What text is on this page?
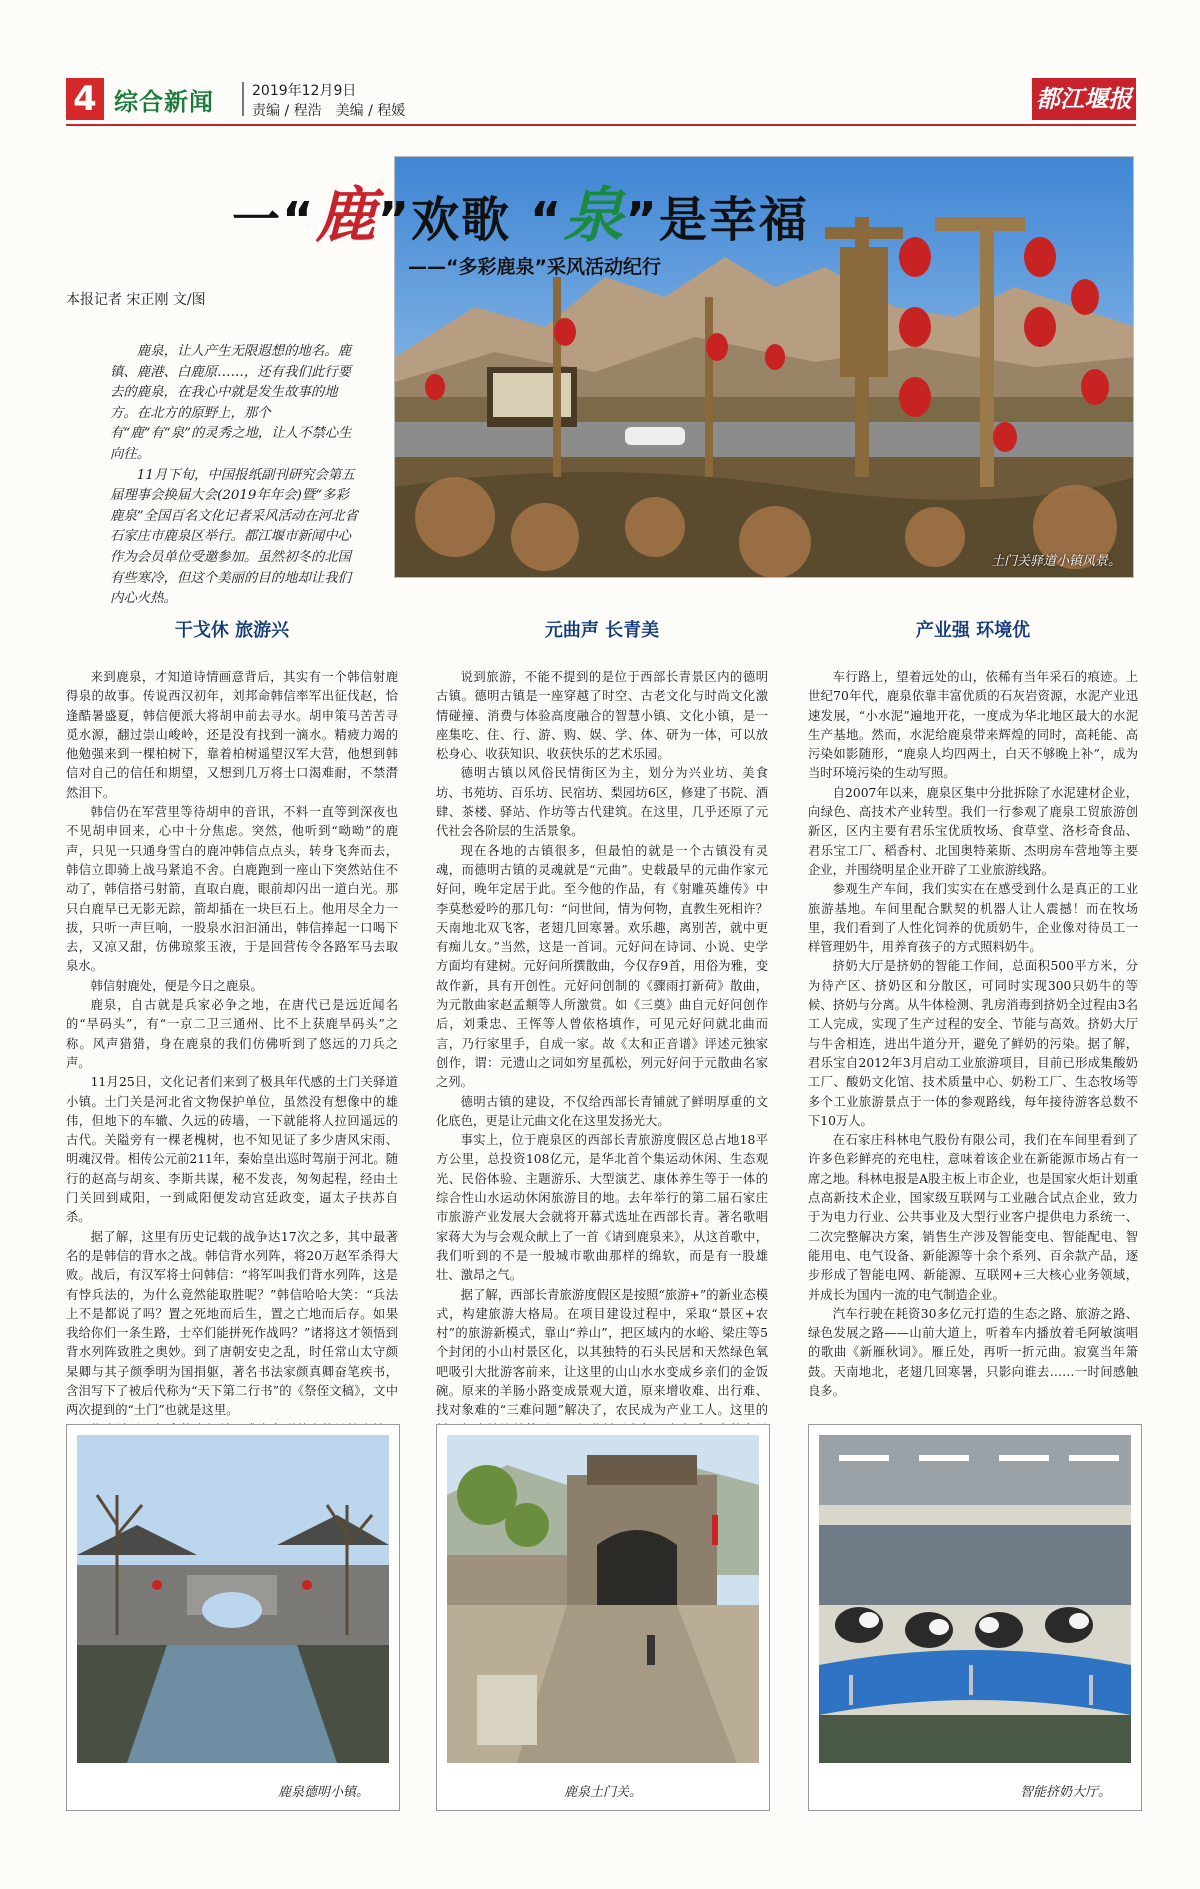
4 综合新闻	2019年12月9日
责编 / 程浩　美编 / 程媛	都江堰报
土门关驿道小镇风景。
一“鹿”欢歌 “泉”是幸福
——“多彩鹿泉”采风活动纪行
本报记者 宋正刚 文/图

鹿泉，让人产生无限遐想的地名。鹿镇、鹿港、白鹿原……，还有我们此行要去的鹿泉，在我心中就是发生故事的地方。在北方的原野上，那个有“鹿”有“泉”的灵秀之地，让人不禁心生向往。

11月下旬，中国报纸副刊研究会第五届理事会换届大会(2019年年会)暨“多彩鹿泉”全国百名文化记者采风活动在河北省石家庄市鹿泉区举行。都江堰市新闻中心作为会员单位受邀参加。虽然初冬的北国有些寒冷，但这个美丽的目的地却让我们内心火热。

干戈休 旅游兴

来到鹿泉，才知道诗情画意背后，其实有一个韩信射鹿得泉的故事。传说西汉初年，刘邦命韩信率军出征伐赵，恰逢酷暑盛夏，韩信便派大将胡申前去寻水。胡申策马苦苦寻觅水源，翻过崇山峻岭，还是没有找到一滴水。精疲力竭的他勉强来到一棵柏树下，靠着柏树遥望汉军大营，他想到韩信对自己的信任和期望，又想到几万将士口渴难耐，不禁潸然泪下。

韩信仍在军营里等待胡申的音讯，不料一直等到深夜也不见胡申回来，心中十分焦虑。突然，他听到“呦呦”的鹿声，只见一只通身雪白的鹿冲韩信点点头，转身飞奔而去，韩信立即骑上战马紧追不舍。白鹿跑到一座山下突然站住不动了，韩信搭弓射箭，直取白鹿，眼前却闪出一道白光。那只白鹿早已无影无踪，箭却插在一块巨石上。他用尽全力一拔，只听一声巨响，一股泉水汩汩涌出，韩信捧起一口喝下去，又凉又甜，仿佛琼浆玉液，于是回营传令各路军马去取泉水。

韩信射鹿处，便是今日之鹿泉。

鹿泉，自古就是兵家必争之地，在唐代已是远近闻名的“旱码头”，有“一京二卫三通州、比不上获鹿旱码头”之称。风声猎猎，身在鹿泉的我们仿佛听到了悠远的刀兵之声。

11月25日，文化记者们来到了极具年代感的土门关驿道小镇。土门关是河北省文物保护单位，虽然没有想像中的雄伟，但地下的车辙、久远的砖墙，一下就能将人拉回遥远的古代。关隘旁有一棵老槐树，也不知见证了多少唐风宋雨、明魂汉骨。相传公元前211年，秦始皇出巡时驾崩于河北。随行的赵高与胡亥、李斯共谋，秘不发丧，匆匆起程，经由土门关回到咸阳，一到咸阳便发动宫廷政变，逼太子扶苏自杀。

据了解，这里有历史记载的战争达17次之多，其中最著名的是韩信的背水之战。韩信背水列阵，将20万赵军杀得大败。战后，有汉军将士问韩信：“将军叫我们背水列阵，这是有悖兵法的，为什么竟然能取胜呢？”韩信哈哈大笑：“兵法上不是都说了吗？置之死地而后生，置之亡地而后存。如果我给你们一条生路，士卒们能拼死作战吗？”诸将这才领悟到背水列阵致胜之奥妙。到了唐朝安史之乱，时任常山太守颜杲卿与其子颜季明为国捐躯，著名书法家颜真卿奋笔疾书，含泪写下了被后代称为“天下第二行书”的《祭侄文稿》，文中两次提到的“土门”也就是这里。

元曲声 长青美

说到旅游，不能不提到的是位于西部长青景区内的德明古镇。德明古镇是一座穿越了时空、古老文化与时尚文化激情碰撞、消费与体验高度融合的智慧小镇、文化小镇，是一座集吃、住、行、游、购、娱、学、体、研为一体，可以放松身心、收获知识、收获快乐的艺术乐园。

德明古镇以风俗民情街区为主，划分为兴业坊、美食坊、书苑坊、百乐坊、民宿坊、梨园坊6区，修建了书院、酒肆、茶楼、驿站、作坊等古代建筑。在这里，几乎还原了元代社会各阶层的生活景象。

现在各地的古镇很多，但最怕的就是一个古镇没有灵魂，而德明古镇的灵魂就是“元曲”。史载最早的元曲作家元好问，晚年定居于此。至今他的作品，有《射雕英雄传》中李莫愁爱吟的那几句：“问世间，情为何物，直教生死相许？天南地北双飞客，老翅几回寒暑。欢乐趣，离别苦，就中更有痴儿女。”当然，这是一首词。元好问在诗词、小说、史学方面均有建树。元好问所撰散曲，今仅存9首，用俗为雅，变故作新，具有开创性。元好问创制的《骤雨打新荷》散曲，为元散曲家赵孟頫等人所激赏。如《三奠》曲自元好问创作后，刘秉忠、王恽等人曾依格填作，可见元好问就北曲而言，乃行家里手，自成一家。故《太和正音谱》评述元独家创作，谓：元遗山之词如穷星孤松，列元好问于元散曲名家之列。

德明古镇的建设，不仅给西部长青铺就了鲜明厚重的文化底色，更是让元曲文化在这里发扬光大。

事实上，位于鹿泉区的西部长青旅游度假区总占地18平方公里，总投资108亿元，是华北首个集运动休闲、生态观光、民俗体验、主题游乐、大型演艺、康体养生等于一体的综合性山水运动休闲旅游目的地。去年举行的第二届石家庄市旅游产业发展大会就将开幕式选址在西部长青。著名歌唱家蒋大为与会观众献上了一首《请到鹿泉来》，从这首歌中，我们听到的不是一般城市歌曲那样的绵软，而是有一股雄壮、激昂之气。

据了解，西部长青旅游度假区是按照“旅游+”的新业态模式，构建旅游大格局。在项目建设过程中，采取“景区+农村”的旅游新模式，靠山“养山”，把区域内的水峪、梁庄等5个封闭的小山村景区化，以其独特的石头民居和天然绿色氧吧吸引大批游客前来，让这里的山山水水变成乡亲们的金饭碗。原来的羊肠小路变成景观大道，原来增收难、出行难、找对象难的“三难问题”解决了，农民成为产业工人。这里的

产业强 环境优

车行路上，望着远处的山，依稀有当年采石的痕迹。上世纪70年代，鹿泉依靠丰富优质的石灰岩资源，水泥产业迅速发展，“小水泥”遍地开花，一度成为华北地区最大的水泥生产基地。然而，水泥给鹿泉带来辉煌的同时，高耗能、高污染如影随形，“鹿泉人均四两土，白天不够晚上补”，成为当时环境污染的生动写照。

自2007年以来，鹿泉区集中分批拆除了水泥建材企业，向绿色、高技术产业转型。我们一行参观了鹿泉工贸旅游创新区，区内主要有君乐宝优质牧场、食草堂、洛杉奇食品、君乐宝工厂、稻香村、北国奥特莱斯、杰明房车营地等主要企业，并围绕明星企业开辟了工业旅游线路。

参观生产车间，我们实实在在感受到什么是真正的工业旅游基地。车间里配合默契的机器人让人震撼！而在牧场里，我们看到了人性化饲养的优质奶牛，企业像对待员工一样管理奶牛，用养育孩子的方式照料奶牛。

挤奶大厅是挤奶的智能工作间，总面积500平方米，分为待产区、挤奶区和分散区，可同时实现300只奶牛的等候、挤奶与分离。从牛体检测、乳房消毒到挤奶全过程由3名工人完成，实现了生产过程的安全、节能与高效。挤奶大厅与牛舍相连，进出牛道分开，避免了鲜奶的污染。据了解，君乐宝自2012年3月启动工业旅游项目，目前已形成集酸奶工厂、酸奶文化馆、技术质量中心、奶粉工厂、生态牧场等多个工业旅游景点于一体的参观路线，每年接待游客总数不下10万人。

在石家庄科林电气股份有限公司，我们在车间里看到了许多色彩鲜亮的充电柱，意味着该企业在新能源市场占有一席之地。科林电报是A股主板上市企业，也是国家火炬计划重点高新技术企业，国家级互联网与工业融合试点企业，致力于为电力行业、公共事业及大型行业客户提供电力系统一、二次完整解决方案，销售生产涉及智能变电、智能配电、智能用电、电气设备、新能源等十余个系列、百余款产品，逐步形成了智能电网、新能源、互联网+三大核心业务领域，并成长为国内一流的电气制造企业。

汽车行驶在耗资30多亿元打造的生态之路、旅游之路、绿色发展之路——山前大道上，听着车内播放着毛阿敏演唱的歌曲《新雁秋词》。雁丘处，再听一折元曲。寂寞当年箫鼓。天南地北，老翅几回寒暑，只影向谁去……一时间感触良多。

鹿泉德明小镇。	鹿泉土门关。	智能挤奶大厅。
